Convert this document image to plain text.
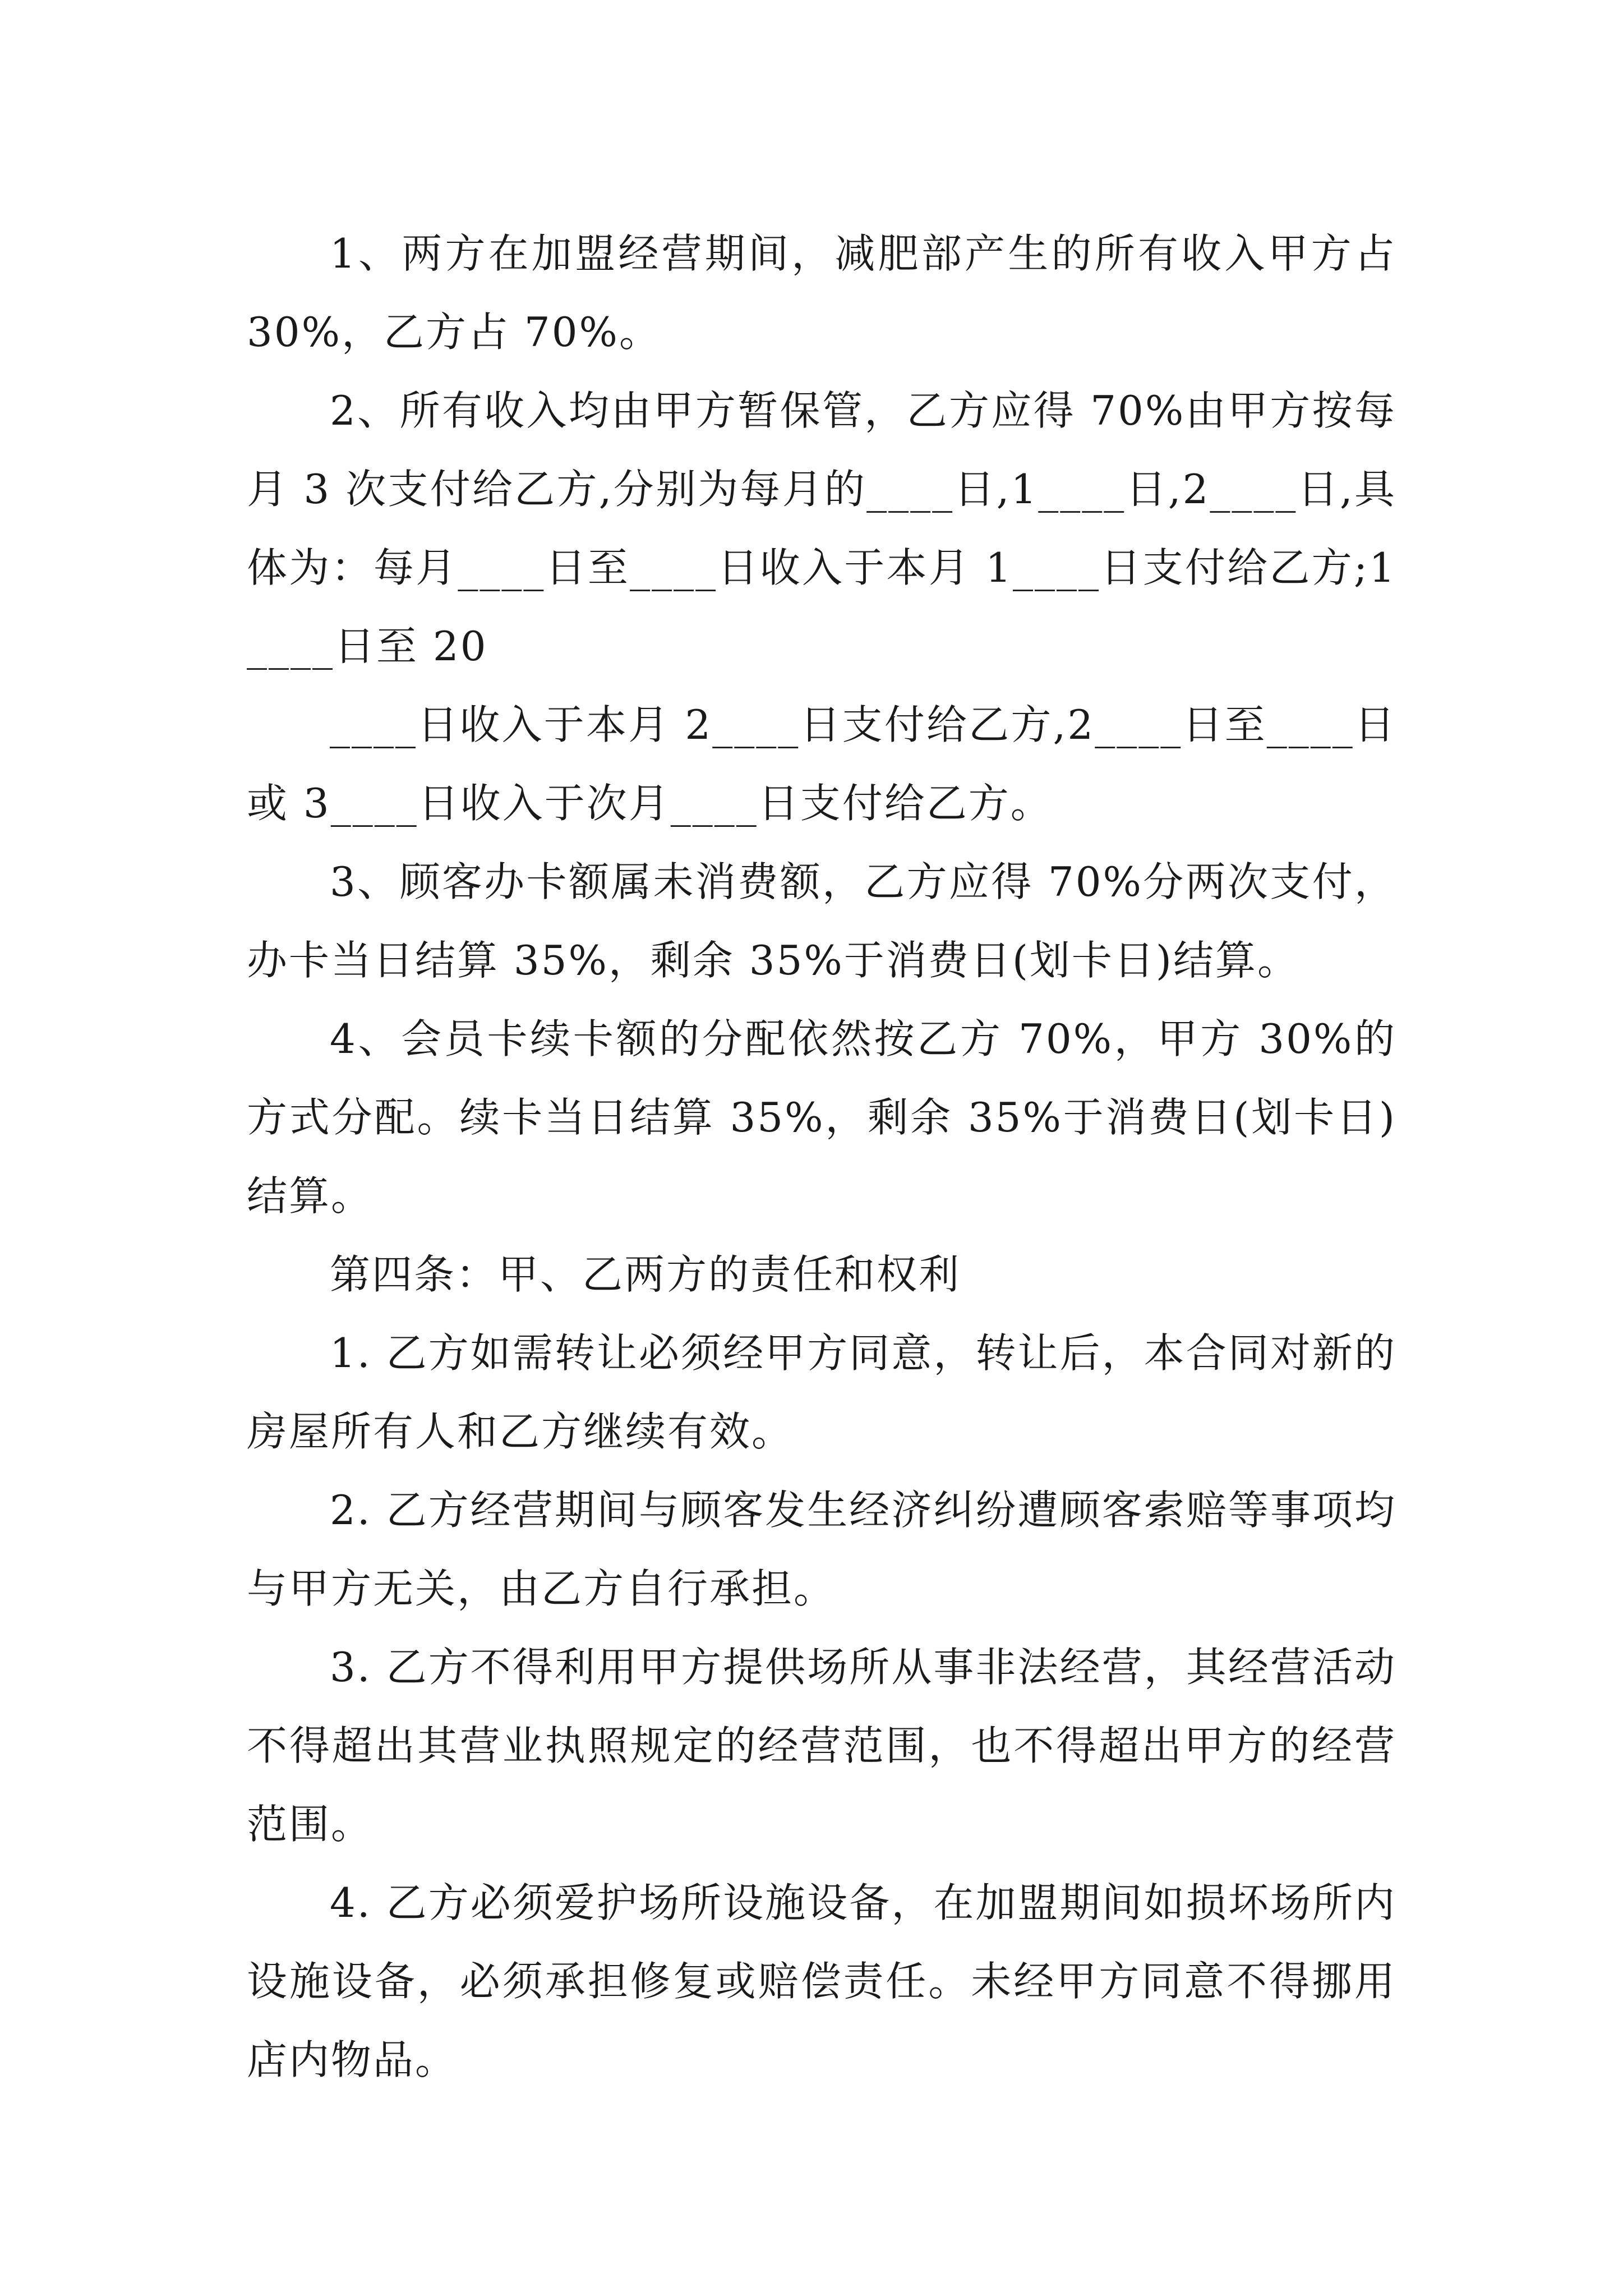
1、两方在加盟经营期间，减肥部产生的所有收入甲方占 30%，乙方占 70%。

2、所有收入均由甲方暂保管，乙方应得 70%由甲方按每月 3 次支付给乙方,分别为每月的____日,1____日,2____日,具体为：每月____日至____日收入于本月 1____日支付给乙方;1____日至 20

____日收入于本月 2____日支付给乙方,2____日至____日或 3____日收入于次月____日支付给乙方。

3、顾客办卡额属未消费额，乙方应得 70%分两次支付，办卡当日结算 35%，剩余 35%于消费日(划卡日)结算。

4、会员卡续卡额的分配依然按乙方 70%，甲方 30%的方式分配。续卡当日结算 35%，剩余 35%于消费日(划卡日)结算。

第四条：甲、乙两方的责任和权利

1. 乙方如需转让必须经甲方同意，转让后，本合同对新的房屋所有人和乙方继续有效。

2. 乙方经营期间与顾客发生经济纠纷遭顾客索赔等事项均与甲方无关，由乙方自行承担。

3. 乙方不得利用甲方提供场所从事非法经营，其经营活动不得超出其营业执照规定的经营范围，也不得超出甲方的经营范围。

4. 乙方必须爱护场所设施设备，在加盟期间如损坏场所内设施设备，必须承担修复或赔偿责任。未经甲方同意不得挪用店内物品。
